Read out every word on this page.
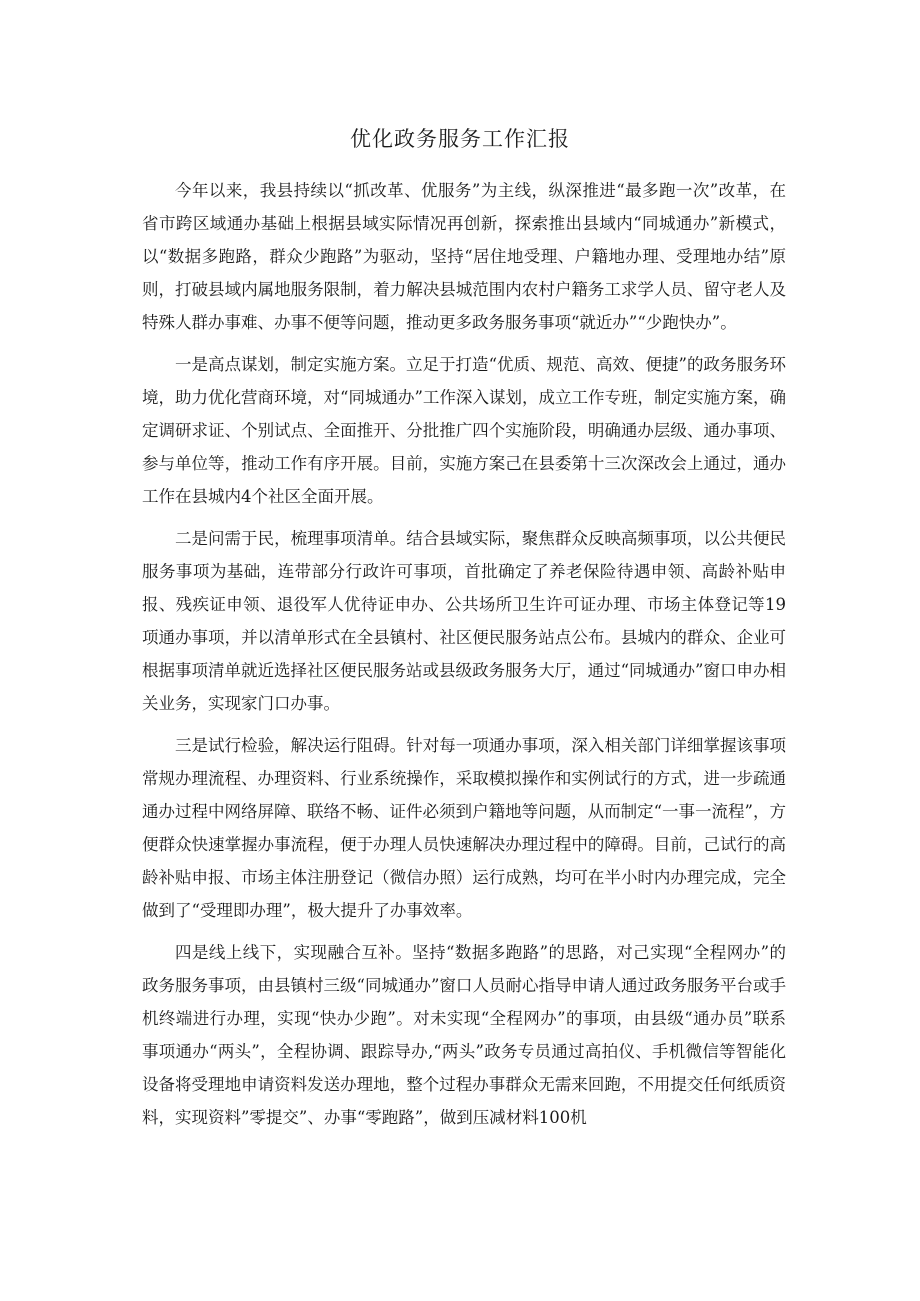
优化政务服务工作汇报

今年以来，我县持续以“抓改革、优服务”为主线，纵深推进“最多跑一次”改革，在省市跨区域通办基础上根据县域实际情况再创新，探索推出县域内“同城通办”新模式，以“数据多跑路，群众少跑路”为驱动，坚持“居住地受理、户籍地办理、受理地办结”原则，打破县域内属地服务限制，着力解决县城范围内农村户籍务工求学人员、留守老人及特殊人群办事难、办事不便等问题，推动更多政务服务事项“就近办”“少跑快办”。

一是高点谋划，制定实施方案。立足于打造“优质、规范、高效、便捷”的政务服务环境，助力优化营商环境，对“同城通办”工作深入谋划，成立工作专班，制定实施方案，确定调研求证、个别试点、全面推开、分批推广四个实施阶段，明确通办层级、通办事项、参与单位等，推动工作有序开展。目前，实施方案己在县委第十三次深改会上通过，通办工作在县城内4个社区全面开展。

二是问需于民，梳理事项清单。结合县域实际，聚焦群众反映高频事项，以公共便民服务事项为基础，连带部分行政许可事项，首批确定了养老保险待遇申领、高龄补贴申报、残疾证申领、退役军人优待证申办、公共场所卫生许可证办理、市场主体登记等19项通办事项，并以清单形式在全县镇村、社区便民服务站点公布。县城内的群众、企业可根据事项清单就近选择社区便民服务站或县级政务服务大厅，通过“同城通办”窗口申办相关业务，实现家门口办事。

三是试行检验，解决运行阻碍。针对每一项通办事项，深入相关部门详细掌握该事项常规办理流程、办理资料、行业系统操作，采取模拟操作和实例试行的方式，进一步疏通通办过程中网络屏障、联络不畅、证件必须到户籍地等问题，从而制定“一事一流程”，方便群众快速掌握办事流程，便于办理人员快速解决办理过程中的障碍。目前，己试行的高龄补贴申报、市场主体注册登记（微信办照）运行成熟，均可在半小时内办理完成，完全做到了“受理即办理”，极大提升了办事效率。

四是线上线下，实现融合互补。坚持“数据多跑路”的思路，对己实现“全程网办”的政务服务事项，由县镇村三级“同城通办”窗口人员耐心指导申请人通过政务服务平台或手机终端进行办理，实现“快办少跑”。对未实现“全程网办”的事项，由县级“通办员”联系事项通办“两头”，全程协调、跟踪导办,“两头”政务专员通过高拍仪、手机微信等智能化设备将受理地申请资料发送办理地，整个过程办事群众无需来回跑，不用提交任何纸质资料，实现资料”零提交”、办事“零跑路”，做到压减材料100机
